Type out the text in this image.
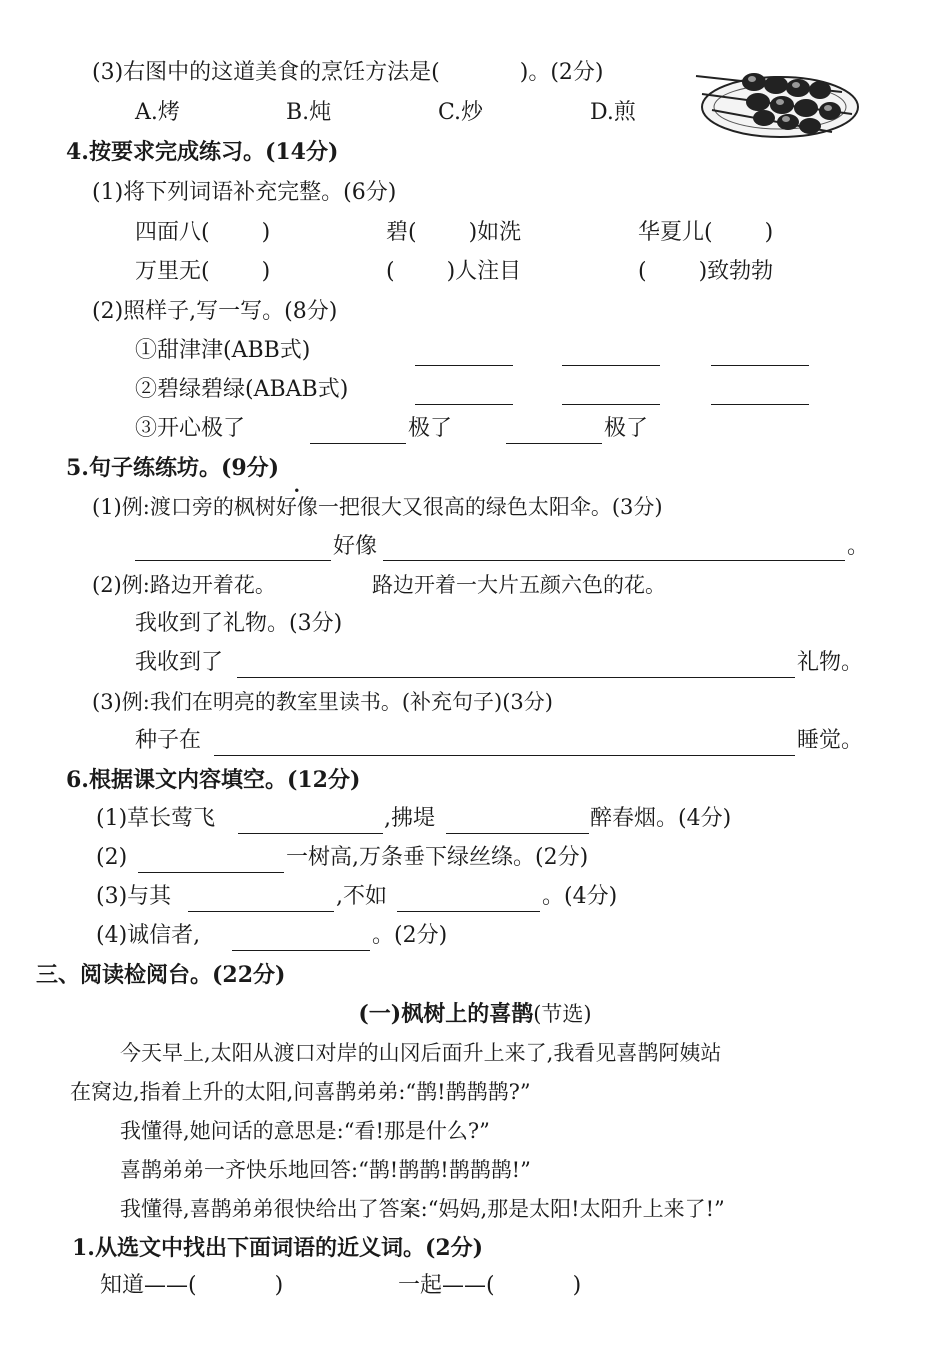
(3)右图中的这道美食的烹饪方法是(	)。(2分)
A.烤	B.炖	C.炒	D.煎
4.按要求完成练习。(14分)
(1)将下列词语补充完整。(6分)
四面八( )	碧( )如洗	华夏儿( )
万里无( )	( )人注目	( )致勃勃
(2)照样子,写一写。(8分)
①甜津津(ABB式)
②碧绿碧绿(ABAB式)
③开心极了	极了	极了
5.句子练练坊。(9分)
(1)例:渡口旁的枫树好像一把很大又很高的绿色太阳伞。(3分)
好像	。
(2)例:路边开着花。	路边开着一大片五颜六色的花。
我收到了礼物。(3分)
我收到了	礼物。
(3)例:我们在明亮的教室里读书。(补充句子)(3分)
种子在	睡觉。
6.根据课文内容填空。(12分)
(1)草长莺飞	,拂堤	醉春烟。(4分)
(2)	一树高,万条垂下绿丝绦。(2分)
(3)与其	,不如	。(4分)
(4)诚信者,	。(2分)
三、阅读检阅台。(22分)
(一)枫树上的喜鹊(节选)
今天早上,太阳从渡口对岸的山冈后面升上来了,我看见喜鹊阿姨站
在窝边,指着上升的太阳,问喜鹊弟弟:“鹊!鹊鹊鹊?”
我懂得,她问话的意思是:“看!那是什么?”
喜鹊弟弟一齐快乐地回答:“鹊!鹊鹊!鹊鹊鹊!”
我懂得,喜鹊弟弟很快给出了答案:“妈妈,那是太阳!太阳升上来了!”
1.从选文中找出下面词语的近义词。(2分)
知道——(	)	一起——(	)
